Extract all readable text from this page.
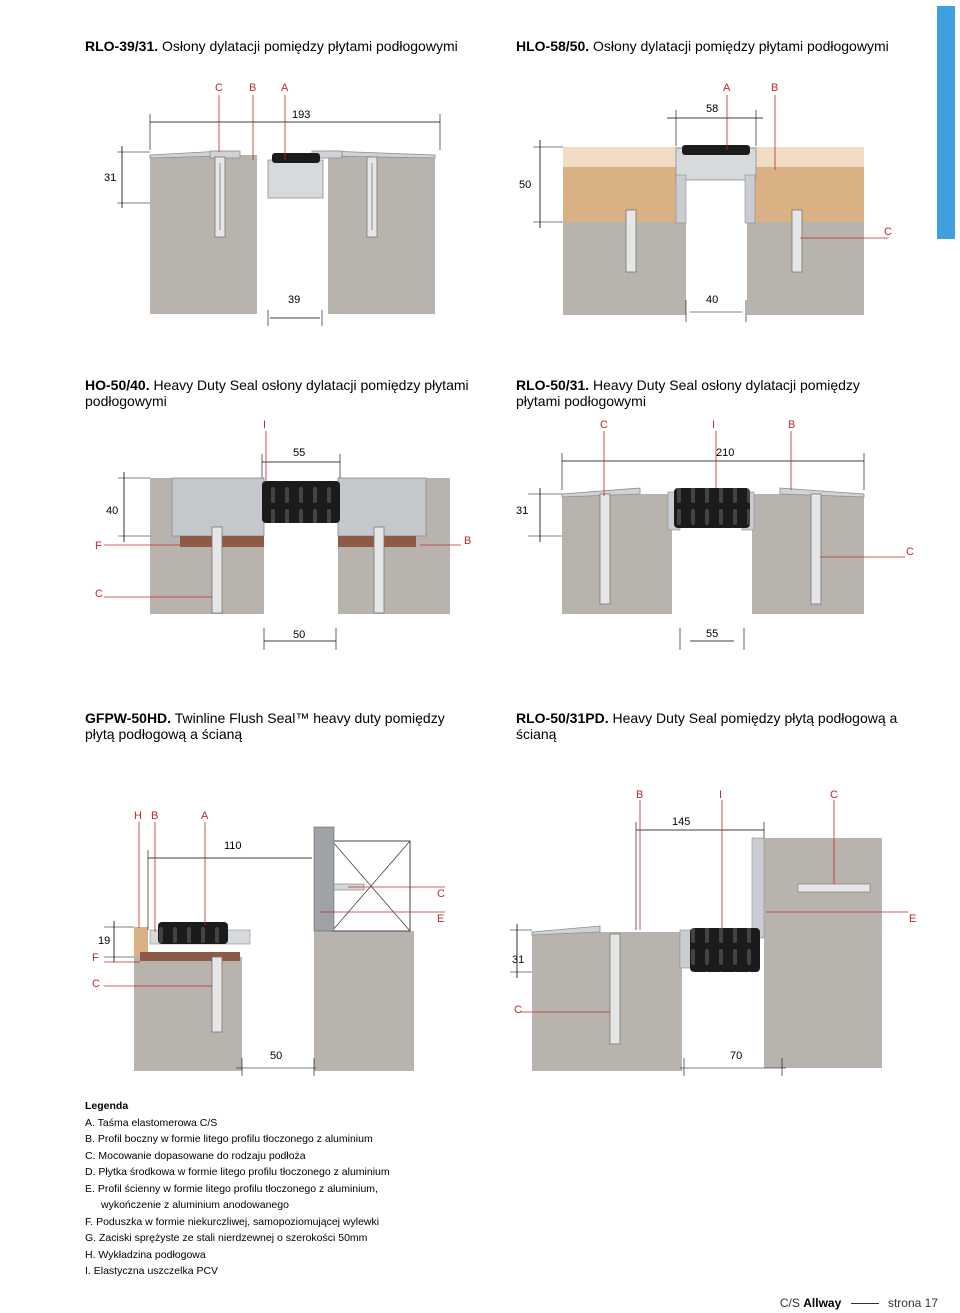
RLO-39/31. Osłony dylatacji pomiędzy płytami podłogowymi	HLO-58/50. Osłony dylatacji pomiędzy płytami podłogowymi
HO-50/40. Heavy Duty Seal osłony dylatacji pomiędzy płytami podłogowymi
RLO-50/31. Heavy Duty Seal osłony dylatacji pomiędzy płytami podłogowymi
GFPW-50HD. Twinline Flush Seal™ heavy duty pomiędzy płytą podłogową a ścianą
RLO-50/31PD. Heavy Duty Seal pomiędzy płytą podłogową a ścianą
C B A
193
31
39
A	B
C
58
50
40
I
F	B
C
55
40
50
C	I	B
C
210
31
55
H B	A
C
E
F
C
110
19
50
B	I	C
E
C
145
31
70
Legenda
A. Taśma elastomerowa C/S
B. Profil boczny w formie litego profilu tłoczonego z aluminium
C. Mocowanie dopasowane do rodzaju podłoża
D. Płytka środkowa w formie litego profilu tłoczonego z aluminium
E. Profil ścienny w formie litego profilu tłoczonego z aluminium,
wykończenie z aluminium anodowanego
F. Poduszka w formie niekurczliwej, samopoziomującej wylewki
G. Zaciski sprężyste ze stali nierdzewnej o szerokości 50mm
H. Wykładzina podłogowa
I. Elastyczna uszczelka PCV
C/S Allway	strona 17
